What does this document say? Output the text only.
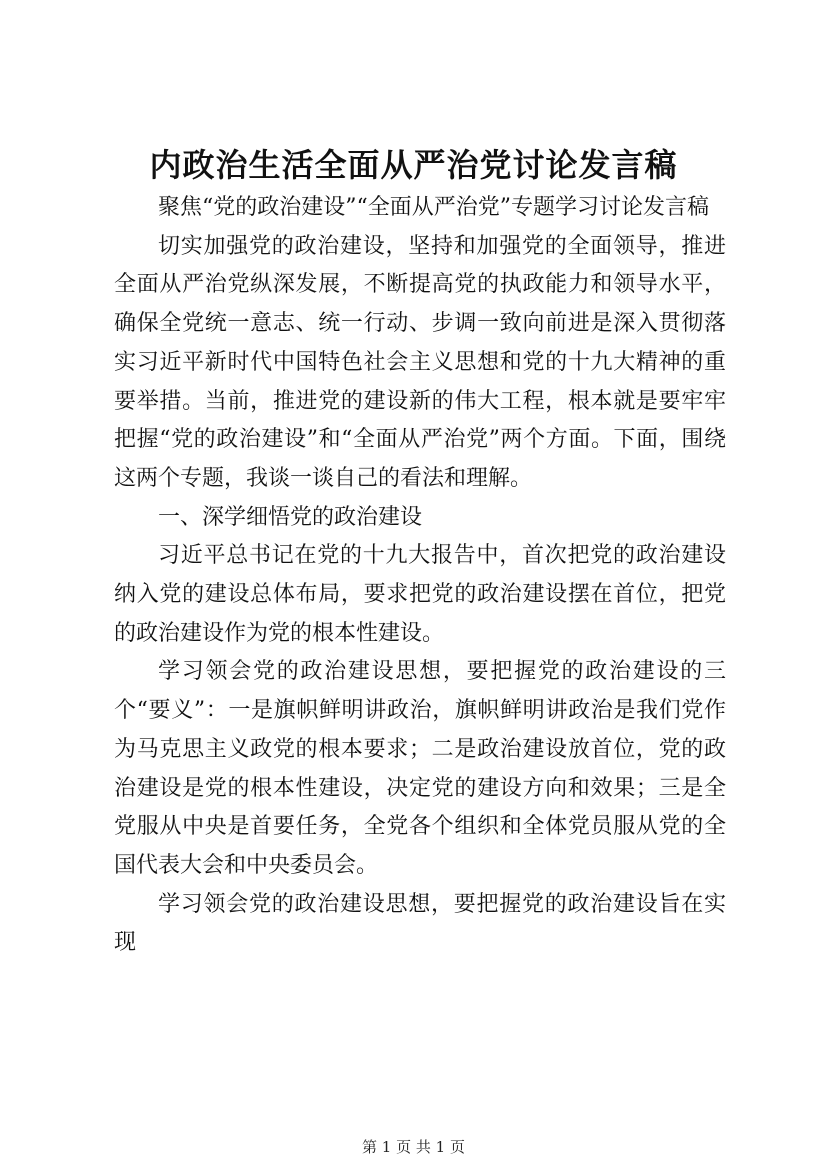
内政治生活全面从严治党讨论发言稿

聚焦“党的政治建设”“全面从严治党”专题学习讨论发言稿

切实加强党的政治建设，坚持和加强党的全面领导，推进全面从严治党纵深发展，不断提高党的执政能力和领导水平，确保全党统一意志、统一行动、步调一致向前进是深入贯彻落实习近平新时代中国特色社会主义思想和党的十九大精神的重要举措。当前，推进党的建设新的伟大工程，根本就是要牢牢把握“党的政治建设”和“全面从严治党”两个方面。下面，围绕这两个专题，我谈一谈自己的看法和理解。

一、深学细悟党的政治建设

习近平总书记在党的十九大报告中，首次把党的政治建设纳入党的建设总体布局，要求把党的政治建设摆在首位，把党的政治建设作为党的根本性建设。

学习领会党的政治建设思想，要把握党的政治建设的三个“要义”：一是旗帜鲜明讲政治，旗帜鲜明讲政治是我们党作为马克思主义政党的根本要求；二是政治建设放首位，党的政治建设是党的根本性建设，决定党的建设方向和效果；三是全党服从中央是首要任务，全党各个组织和全体党员服从党的全国代表大会和中央委员会。

学习领会党的政治建设思想，要把握党的政治建设旨在实现

第 1 页 共 1 页
